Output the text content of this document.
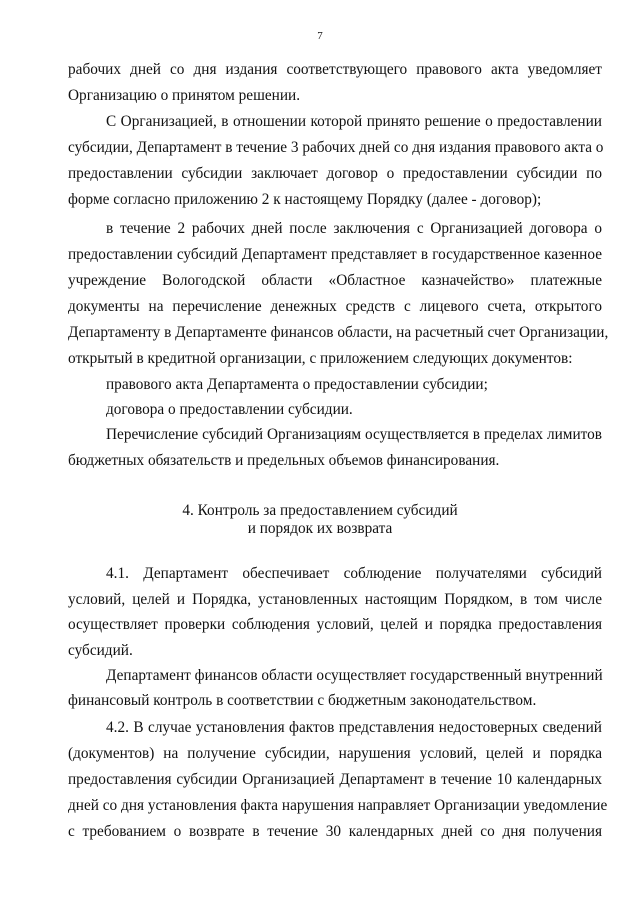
7
рабочих дней со дня издания соответствующего правового акта уведомляет
Организацию о принятом решении.
С Организацией, в отношении которой принято решение о предоставлении
субсидии, Департамент в течение 3 рабочих дней со дня издания правового акта о
предоставлении субсидии заключает договор о предоставлении субсидии по
форме согласно приложению 2 к настоящему Порядку (далее - договор);
в течение 2 рабочих дней после заключения с Организацией договора о
предоставлении субсидий Департамент представляет в государственное казенное
учреждение Вологодской области «Областное казначейство» платежные
документы на перечисление денежных средств с лицевого счета, открытого
Департаменту в Департаменте финансов области, на расчетный счет Организации,
открытый в кредитной организации, с приложением следующих документов:
правового акта Департамента о предоставлении субсидии;
договора о предоставлении субсидии.
Перечисление субсидий Организациям осуществляется в пределах лимитов
бюджетных обязательств и предельных объемов финансирования.
4. Контроль за предоставлением субсидий
и порядок их возврата
4.1. Департамент обеспечивает соблюдение получателями субсидий
условий, целей и Порядка, установленных настоящим Порядком, в том числе
осуществляет проверки соблюдения условий, целей и порядка предоставления
субсидий.
Департамент финансов области осуществляет государственный внутренний
финансовый контроль в соответствии с бюджетным законодательством.
4.2. В случае установления фактов представления недостоверных сведений
(документов) на получение субсидии, нарушения условий, целей и порядка
предоставления субсидии Организацией Департамент в течение 10 календарных
дней со дня установления факта нарушения направляет Организации уведомление
с требованием о возврате в течение 30 календарных дней со дня получения
